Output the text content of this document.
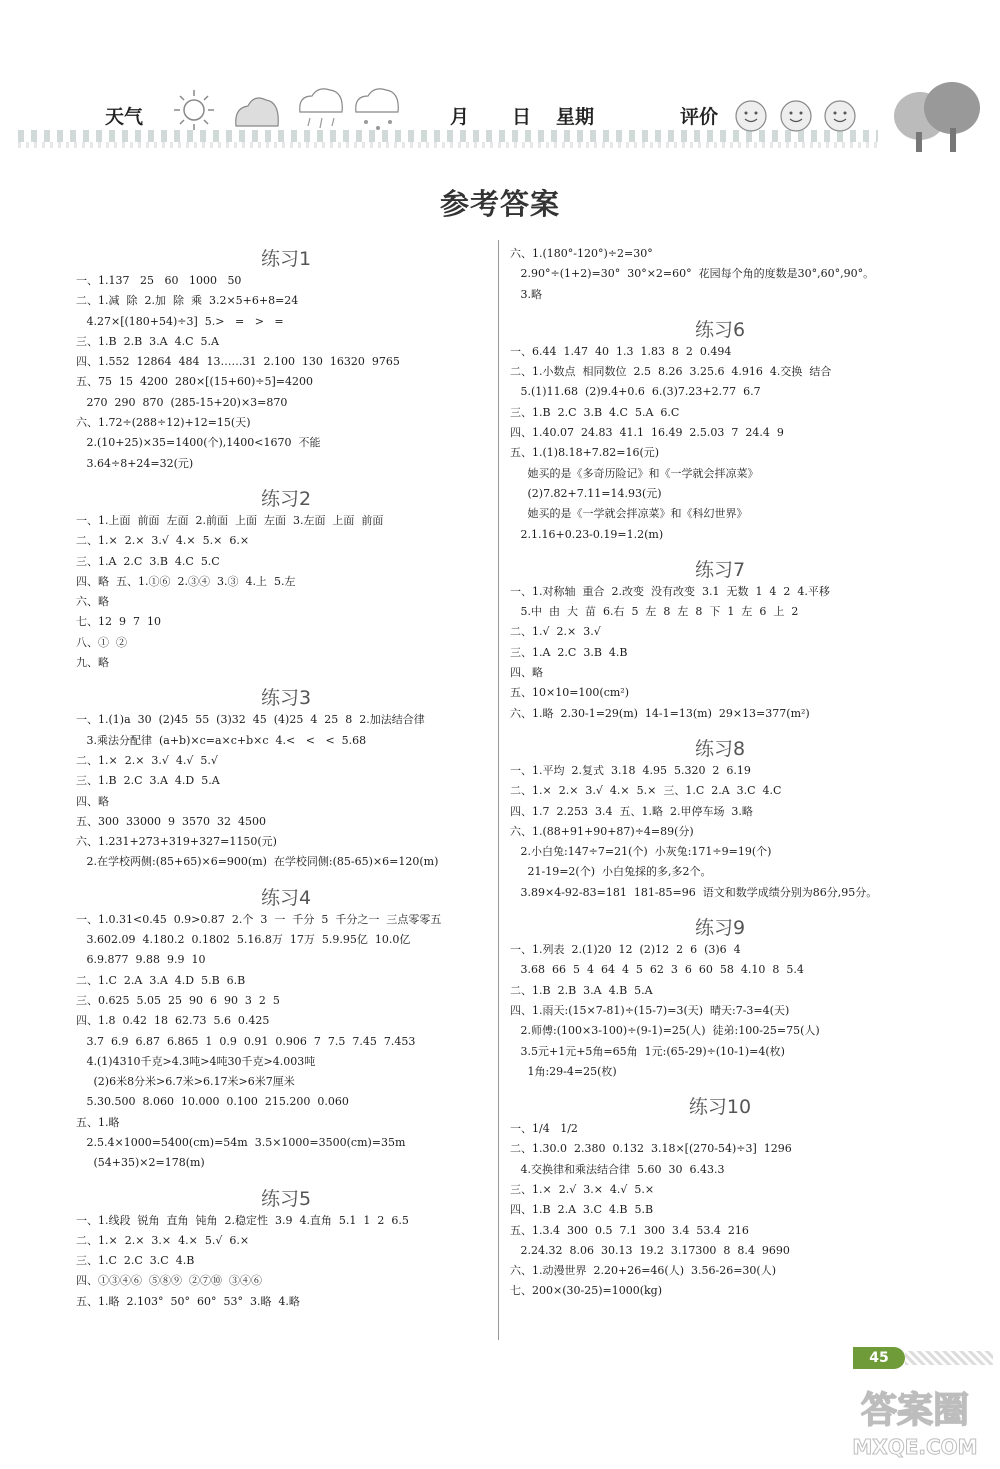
天气	月 日 星期	评价
参考答案
练习1
一、1.137   25   60   1000   50
二、1.减  除  2.加  除  乘  3.2×5+6+8=24
4.27×[(180+54)÷3]  5.>   =   >   =
三、1.B  2.B  3.A  4.C  5.A
四、1.552  12864  484  13……31  2.100  130  16320  9765
五、75  15  4200  280×[(15+60)÷5]=4200
270  290  870  (285-15+20)×3=870
六、1.72÷(288÷12)+12=15(天)
2.(10+25)×35=1400(个),1400<1670  不能
3.64÷8+24=32(元)
练习2
一、1.上面  前面  左面  2.前面  上面  左面  3.左面  上面  前面
二、1.×  2.×  3.√  4.×  5.×  6.×
三、1.A  2.C  3.B  4.C  5.C
四、略  五、1.①⑥  2.③④  3.③  4.上  5.左
六、略
七、12  9  7  10
八、①  ②
九、略
练习3
一、1.(1)a  30  (2)45  55  (3)32  45  (4)25  4  25  8  2.加法结合律
3.乘法分配律  (a+b)×c=a×c+b×c  4.<   <   <  5.68
二、1.×  2.×  3.√  4.√  5.√
三、1.B  2.C  3.A  4.D  5.A
四、略
五、300  33000  9  3570  32  4500
六、1.231+273+319+327=1150(元)
2.在学校两侧:(85+65)×6=900(m)  在学校同侧:(85-65)×6=120(m)
练习4
一、1.0.31<0.45  0.9>0.87  2.个  3  一  千分  5  千分之一  三点零零五
3.602.09  4.180.2  0.1802  5.16.8万  17万  5.9.95亿  10.0亿
6.9.877  9.88  9.9  10
二、1.C  2.A  3.A  4.D  5.B  6.B
三、0.625  5.05  25  90  6  90  3  2  5
四、1.8  0.42  18  62.73  5.6  0.425
3.7  6.9  6.87  6.865  1  0.9  0.91  0.906  7  7.5  7.45  7.453
4.(1)4310千克>4.3吨>4吨30千克>4.003吨
(2)6米8分米>6.7米>6.17米>6米7厘米
5.30.500  8.060  10.000  0.100  215.200  0.060
五、1.略
2.5.4×1000=5400(cm)=54m  3.5×1000=3500(cm)=35m
(54+35)×2=178(m)
练习5
一、1.线段  锐角  直角  钝角  2.稳定性  3.9  4.直角  5.1  1  2  6.5
二、1.×  2.×  3.×  4.×  5.√  6.×
三、1.C  2.C  3.C  4.B
四、①③④⑥  ⑤⑧⑨  ②⑦⑩  ③④⑥
五、1.略  2.103°  50°  60°  53°  3.略  4.略
六、1.(180°-120°)÷2=30°
2.90°÷(1+2)=30°  30°×2=60°  花园每个角的度数是30°,60°,90°。
3.略
练习6
一、6.44  1.47  40  1.3  1.83  8  2  0.494
二、1.小数点  相同数位  2.5  8.26  3.25.6  4.916  4.交换  结合
5.(1)11.68  (2)9.4+0.6  6.(3)7.23+2.77  6.7
三、1.B  2.C  3.B  4.C  5.A  6.C
四、1.40.07  24.83  41.1  16.49  2.5.03  7  24.4  9
五、1.(1)8.18+7.82=16(元)
她买的是《多奇历险记》和《一学就会拌凉菜》
(2)7.82+7.11=14.93(元)
她买的是《一学就会拌凉菜》和《科幻世界》
2.1.16+0.23-0.19=1.2(m)
练习7
一、1.对称轴  重合  2.改变  没有改变  3.1  无数  1  4  2  4.平移
5.中  由  大  苗  6.右  5  左  8  左  8  下  1  左  6  上  2
二、1.√  2.×  3.√
三、1.A  2.C  3.B  4.B
四、略
五、10×10=100(cm²)
六、1.略  2.30-1=29(m)  14-1=13(m)  29×13=377(m²)
练习8
一、1.平均  2.复式  3.18  4.95  5.320  2  6.19
二、1.×  2.×  3.√  4.×  5.×  三、1.C  2.A  3.C  4.C
四、1.7  2.253  3.4  五、1.略  2.甲停车场  3.略
六、1.(88+91+90+87)÷4=89(分)
2.小白兔:147÷7=21(个)  小灰兔:171÷9=19(个)
21-19=2(个)  小白兔採的多,多2个。
3.89×4-92-83=181  181-85=96  语文和数学成绩分别为86分,95分。
练习9
一、1.列表  2.(1)20  12  (2)12  2  6  (3)6  4
3.68  66  5  4  64  4  5  62  3  6  60  58  4.10  8  5.4
二、1.B  2.B  3.A  4.B  5.A
四、1.雨天:(15×7-81)÷(15-7)=3(天)  晴天:7-3=4(天)
2.师傅:(100×3-100)÷(9-1)=25(人)  徒弟:100-25=75(人)
3.5元+1元+5角=65角  1元:(65-29)÷(10-1)=4(枚)
1角:29-4=25(枚)
练习10
一、1/4   1/2
二、1.30.0  2.380  0.132  3.18×[(270-54)÷3]  1296
4.交换律和乘法结合律  5.60  30  6.43.3
三、1.×  2.√  3.×  4.√  5.×
四、1.B  2.A  3.C  4.B  5.B
五、1.3.4  300  0.5  7.1  300  3.4  53.4  216
2.24.32  8.06  30.13  19.2  3.17300  8  8.4  9690
六、1.动漫世界  2.20+26=46(人)  3.56-26=30(人)
七、200×(30-25)=1000(kg)
45
答案圈
MXQE.COM
